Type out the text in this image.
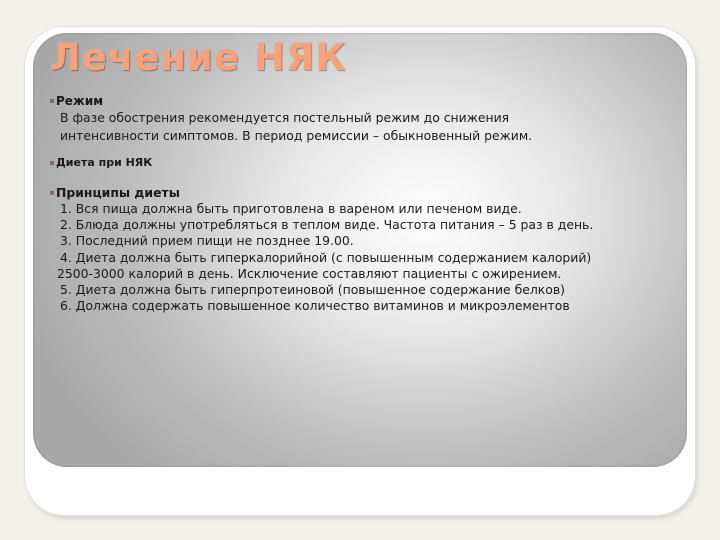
Лечение НЯК
Режим
В фазе обострения рекомендуется постельный режим до снижения
интенсивности симптомов. В период ремиссии – обыкновенный режим.
Диета при НЯК
Принципы диеты
1. Вся пища должна быть приготовлена в вареном или печеном виде.
2. Блюда должны употребляться в теплом виде. Частота питания – 5 раз в день.
3. Последний прием пищи не позднее 19.00.
4. Диета должна быть гиперкалорийной (с повышенным содержанием калорий)
2500-3000 калорий в день. Исключение составляют пациенты с ожирением.
5. Диета должна быть гиперпротеиновой (повышенное содержание белков)
6. Должна содержать повышенное количество витаминов и микроэлементов
